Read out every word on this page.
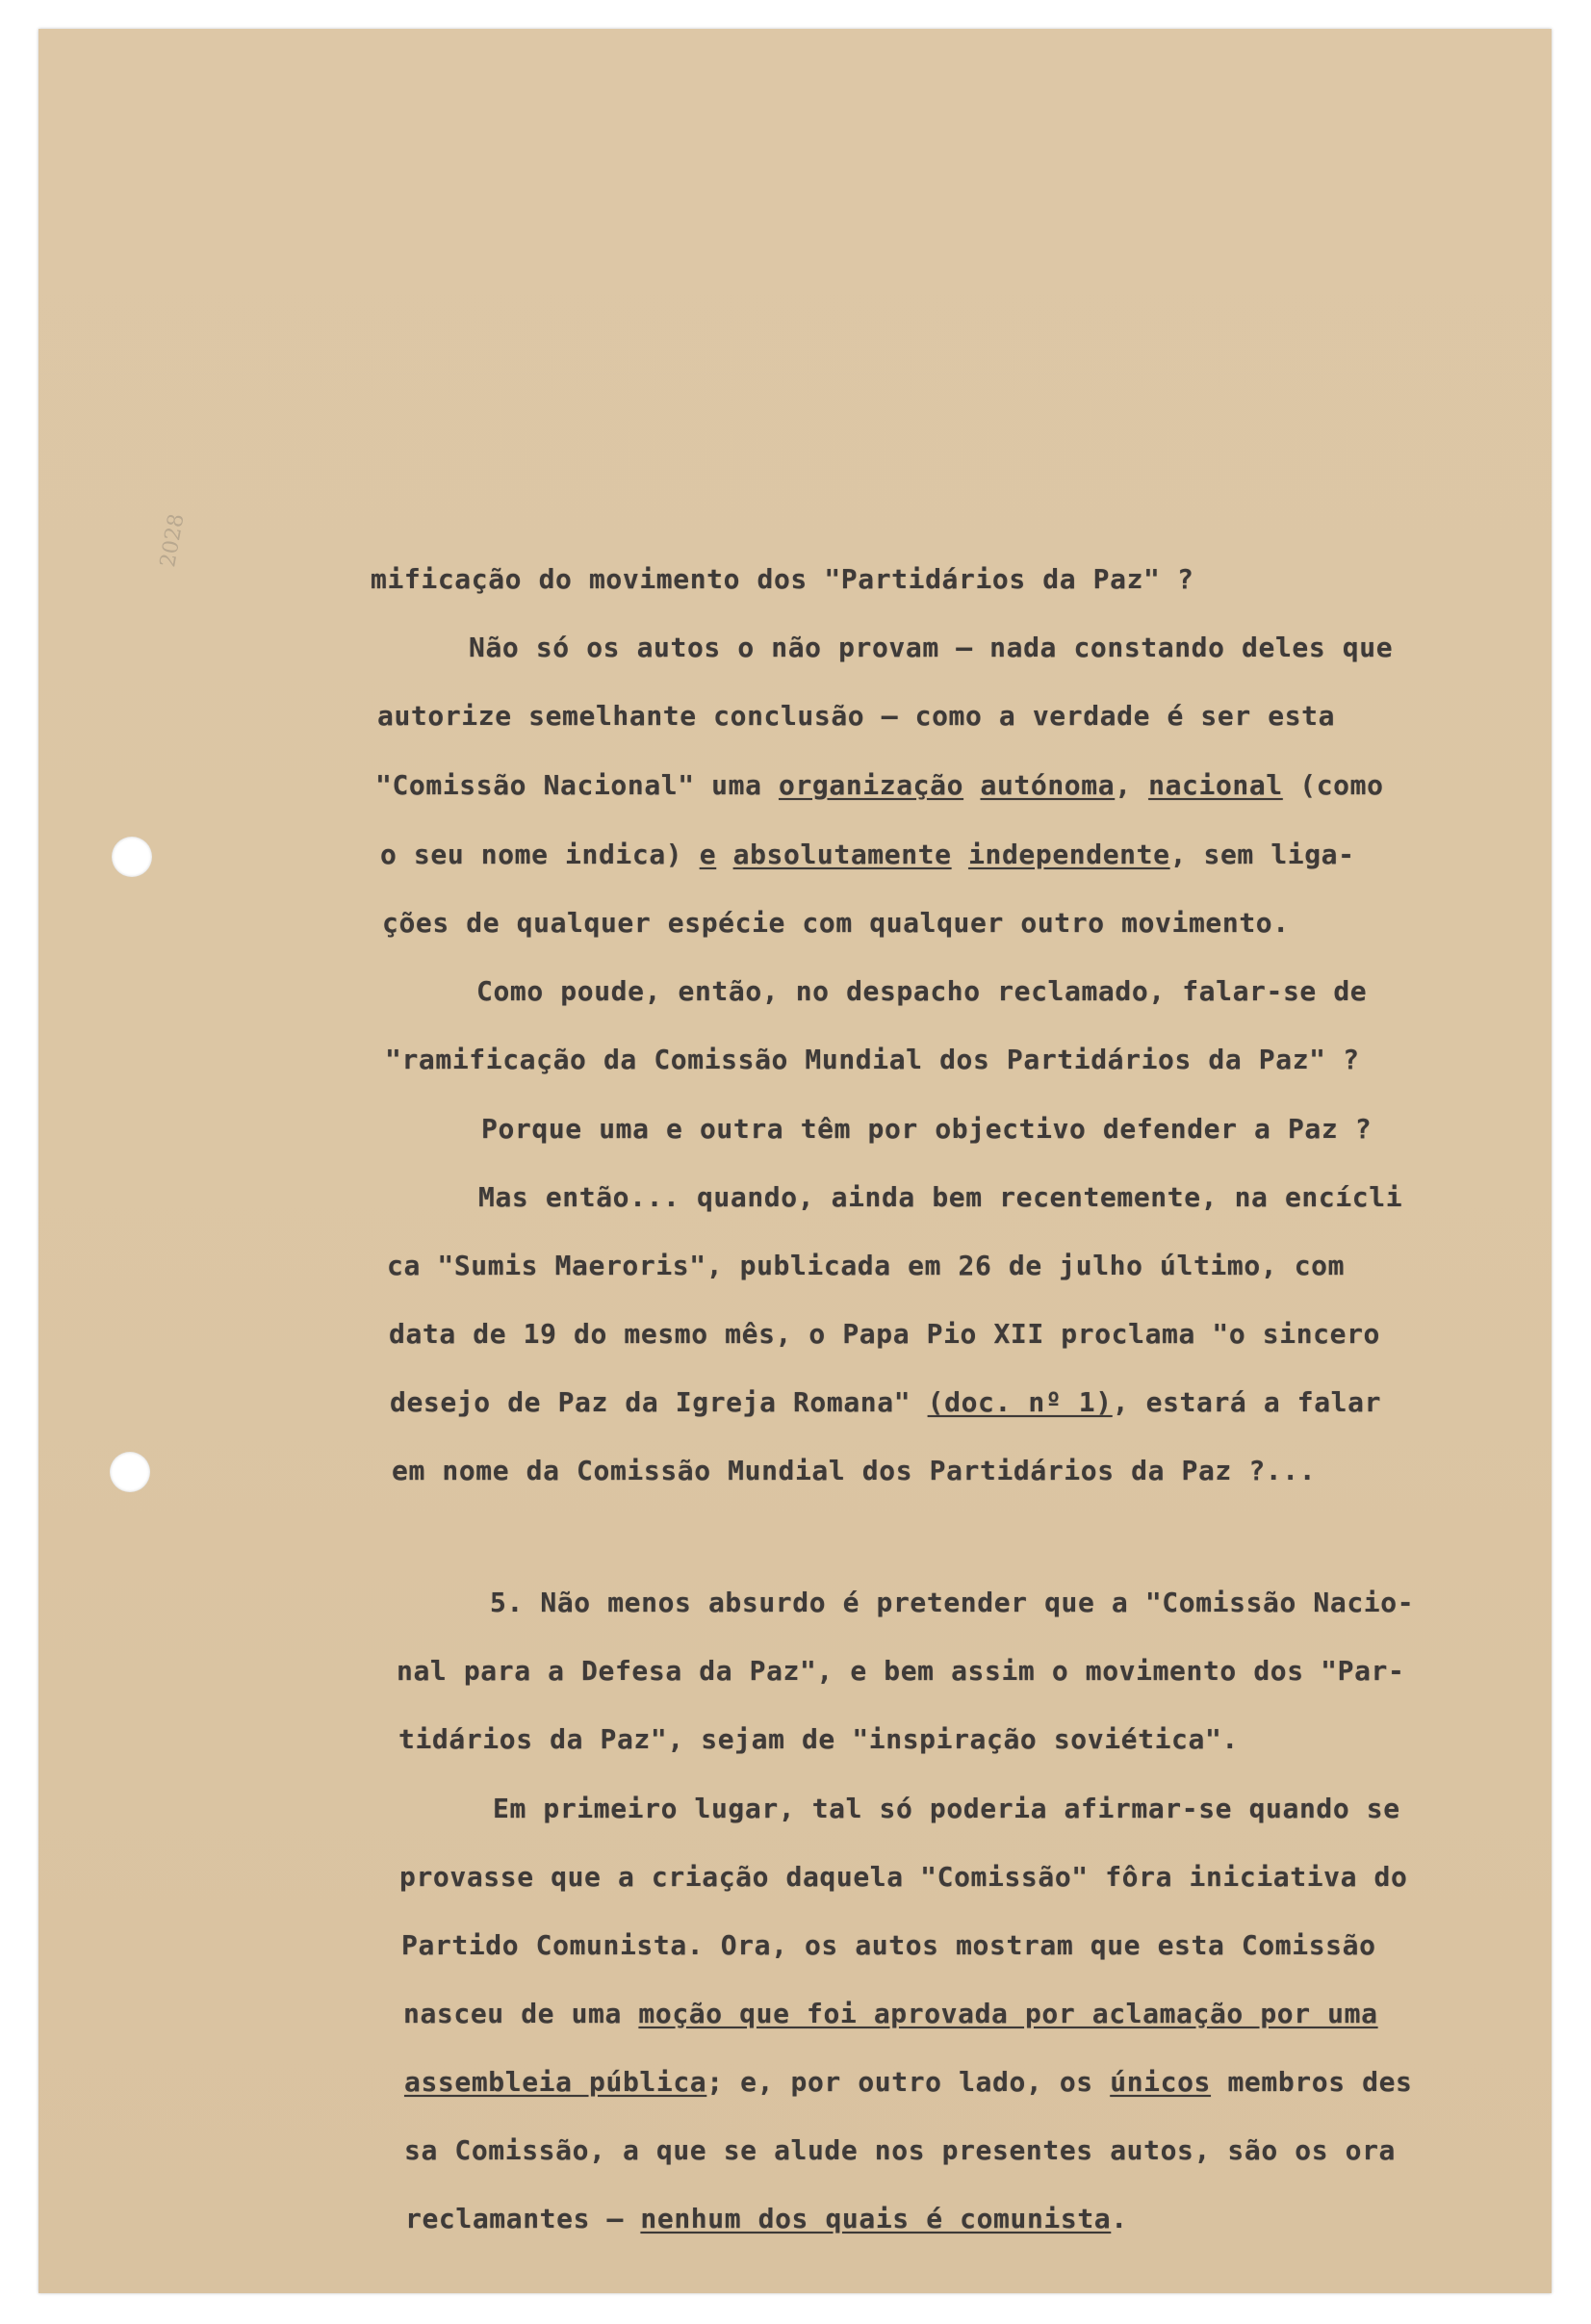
2028
mificação do movimento dos "Partidários da Paz" ?
Não só os autos o não provam — nada constando deles que
autorize semelhante conclusão — como a verdade é ser esta
"Comissão Nacional" uma organização autónoma, nacional (como
o seu nome indica) e absolutamente independente, sem liga-
ções de qualquer espécie com qualquer outro movimento.
Como poude, então, no despacho reclamado, falar-se de
"ramificação da Comissão Mundial dos Partidários da Paz" ?
Porque uma e outra têm por objectivo defender a Paz ?
Mas então... quando, ainda bem recentemente, na encícli
ca "Sumis Maeroris", publicada em 26 de julho último, com
data de 19 do mesmo mês, o Papa Pio XII proclama "o sincero
desejo de Paz da Igreja Romana" (doc. nº 1), estará a falar
em nome da Comissão Mundial dos Partidários da Paz ?...
5. Não menos absurdo é pretender que a "Comissão Nacio-
nal para a Defesa da Paz", e bem assim o movimento dos "Par-
tidários da Paz", sejam de "inspiração soviética".
Em primeiro lugar, tal só poderia afirmar-se quando se
provasse que a criação daquela "Comissão" fôra iniciativa do
Partido Comunista. Ora, os autos mostram que esta Comissão
nasceu de uma moção que foi aprovada por aclamação por uma
assembleia pública; e, por outro lado, os únicos membros des
sa Comissão, a que se alude nos presentes autos, são os ora
reclamantes — nenhum dos quais é comunista.
